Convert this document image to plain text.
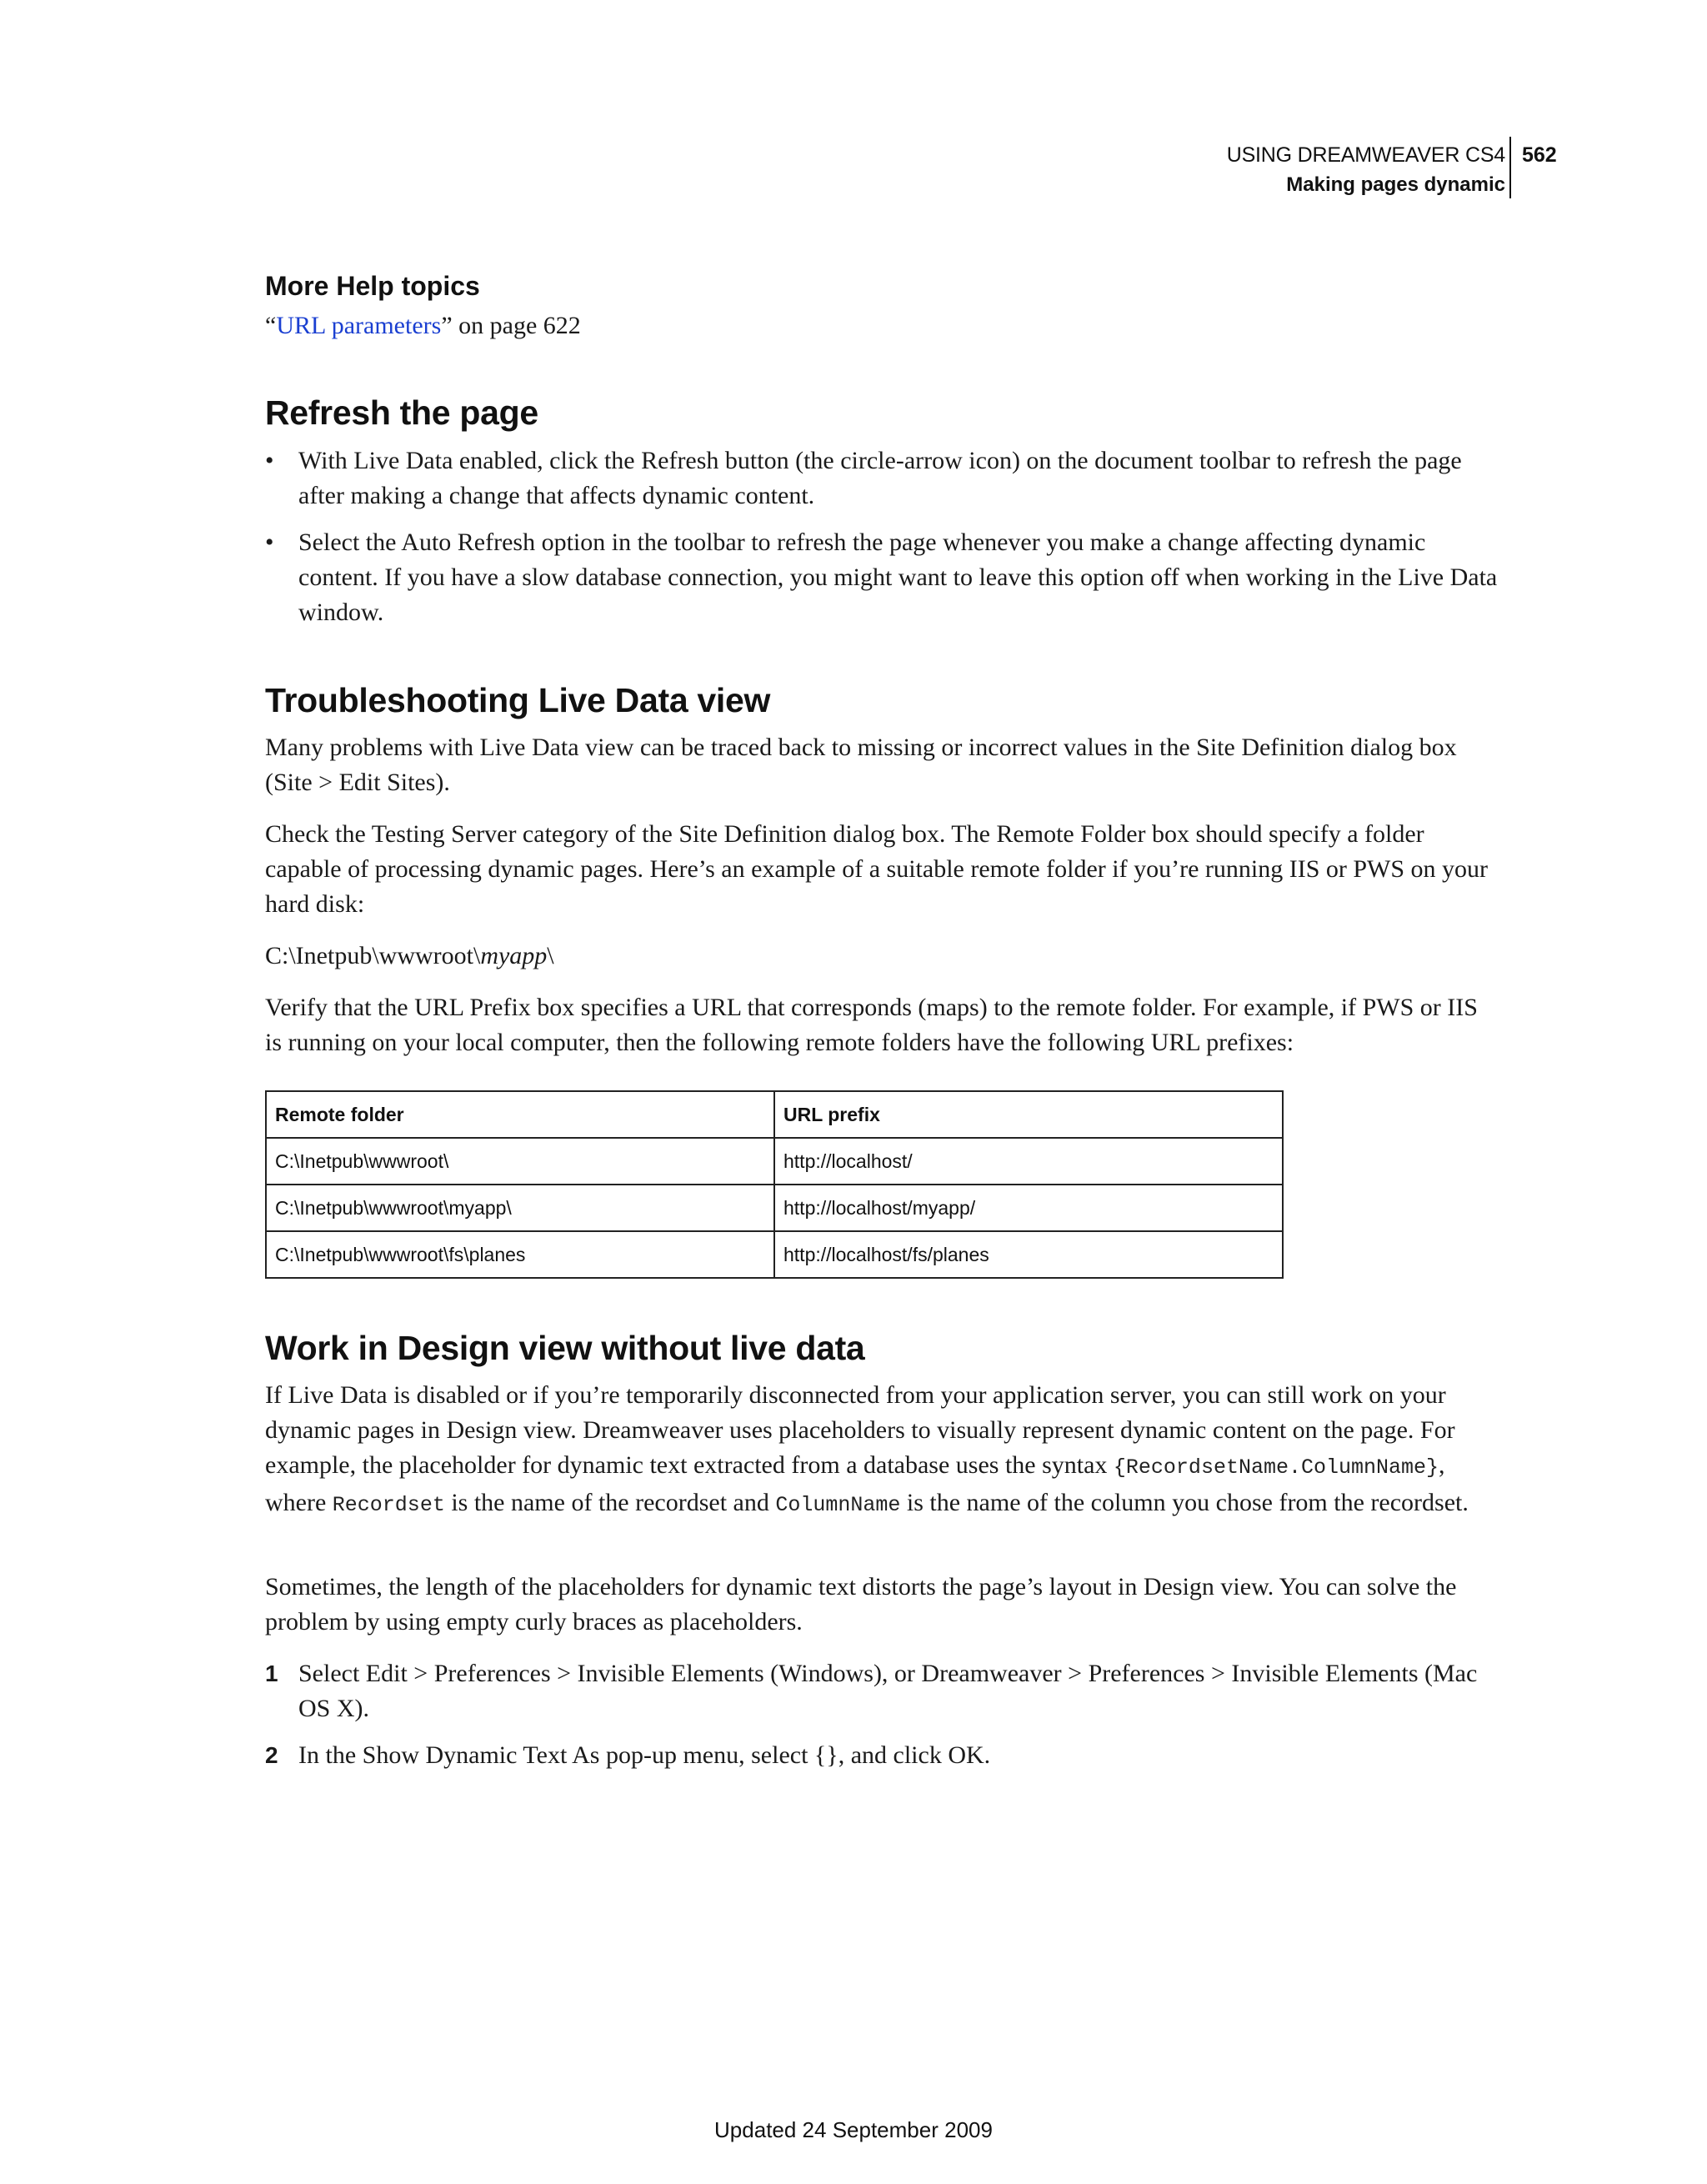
USING DREAMWEAVER CS4
Making pages dynamic
562
More Help topics
“URL parameters” on page 622
Refresh the page
• With Live Data enabled, click the Refresh button (the circle-arrow icon) on the document toolbar to refresh the page after making a change that affects dynamic content.
• Select the Auto Refresh option in the toolbar to refresh the page whenever you make a change affecting dynamic content. If you have a slow database connection, you might want to leave this option off when working in the Live Data window.
Troubleshooting Live Data view
Many problems with Live Data view can be traced back to missing or incorrect values in the Site Definition dialog box (Site > Edit Sites).
Check the Testing Server category of the Site Definition dialog box. The Remote Folder box should specify a folder capable of processing dynamic pages. Here’s an example of a suitable remote folder if you’re running IIS or PWS on your hard disk:
C:\Inetpub\wwwroot\myapp\
Verify that the URL Prefix box specifies a URL that corresponds (maps) to the remote folder. For example, if PWS or IIS is running on your local computer, then the following remote folders have the following URL prefixes:
Work in Design view without live data
If Live Data is disabled or if you’re temporarily disconnected from your application server, you can still work on your dynamic pages in Design view. Dreamweaver uses placeholders to visually represent dynamic content on the page. For example, the placeholder for dynamic text extracted from a database uses the syntax {RecordsetName.ColumnName}, where Recordset is the name of the recordset and ColumnName is the name of the column you chose from the recordset.
Sometimes, the length of the placeholders for dynamic text distorts the page’s layout in Design view. You can solve the problem by using empty curly braces as placeholders.
1 Select Edit > Preferences > Invisible Elements (Windows), or Dreamweaver > Preferences > Invisible Elements (Mac OS X).
2 In the Show Dynamic Text As pop-up menu, select {}, and click OK.
Remote folder	URL prefix
C:\Inetpub\wwwroot\	http://localhost/
C:\Inetpub\wwwroot\myapp\	http://localhost/myapp/
C:\Inetpub\wwwroot\fs\planes	http://localhost/fs/planes
Updated 24 September 2009
